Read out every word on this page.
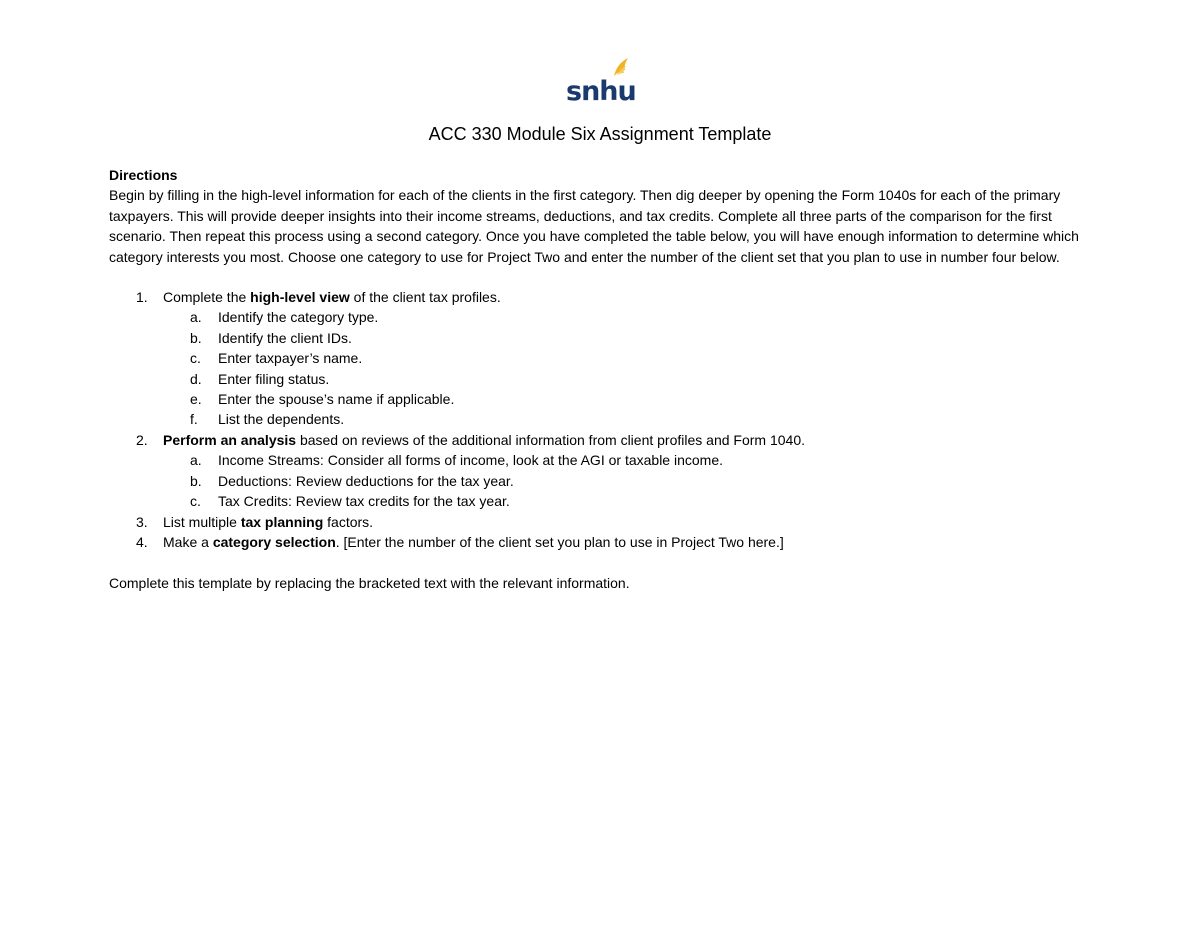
snhu
ACC 330 Module Six Assignment Template

Directions

Begin by filling in the high-level information for each of the clients in the first category. Then dig deeper by opening the Form 1040s for each of the primary taxpayers. This will provide deeper insights into their income streams, deductions, and tax credits. Complete all three parts of the comparison for the first scenario. Then repeat this process using a second category. Once you have completed the table below, you will have enough information to determine which category interests you most. Choose one category to use for Project Two and enter the number of the client set that you plan to use in number four below.

1. Complete the high-level view of the client tax profiles.
a. Identify the category type.
b. Identify the client IDs.
c. Enter taxpayer’s name.
d. Enter filing status.
e. Enter the spouse’s name if applicable.
f. List the dependents.
2. Perform an analysis based on reviews of the additional information from client profiles and Form 1040.
a. Income Streams: Consider all forms of income, look at the AGI or taxable income.
b. Deductions: Review deductions for the tax year.
c. Tax Credits: Review tax credits for the tax year.
3. List multiple tax planning factors.
4. Make a category selection. [Enter the number of the client set you plan to use in Project Two here.]

Complete this template by replacing the bracketed text with the relevant information.
